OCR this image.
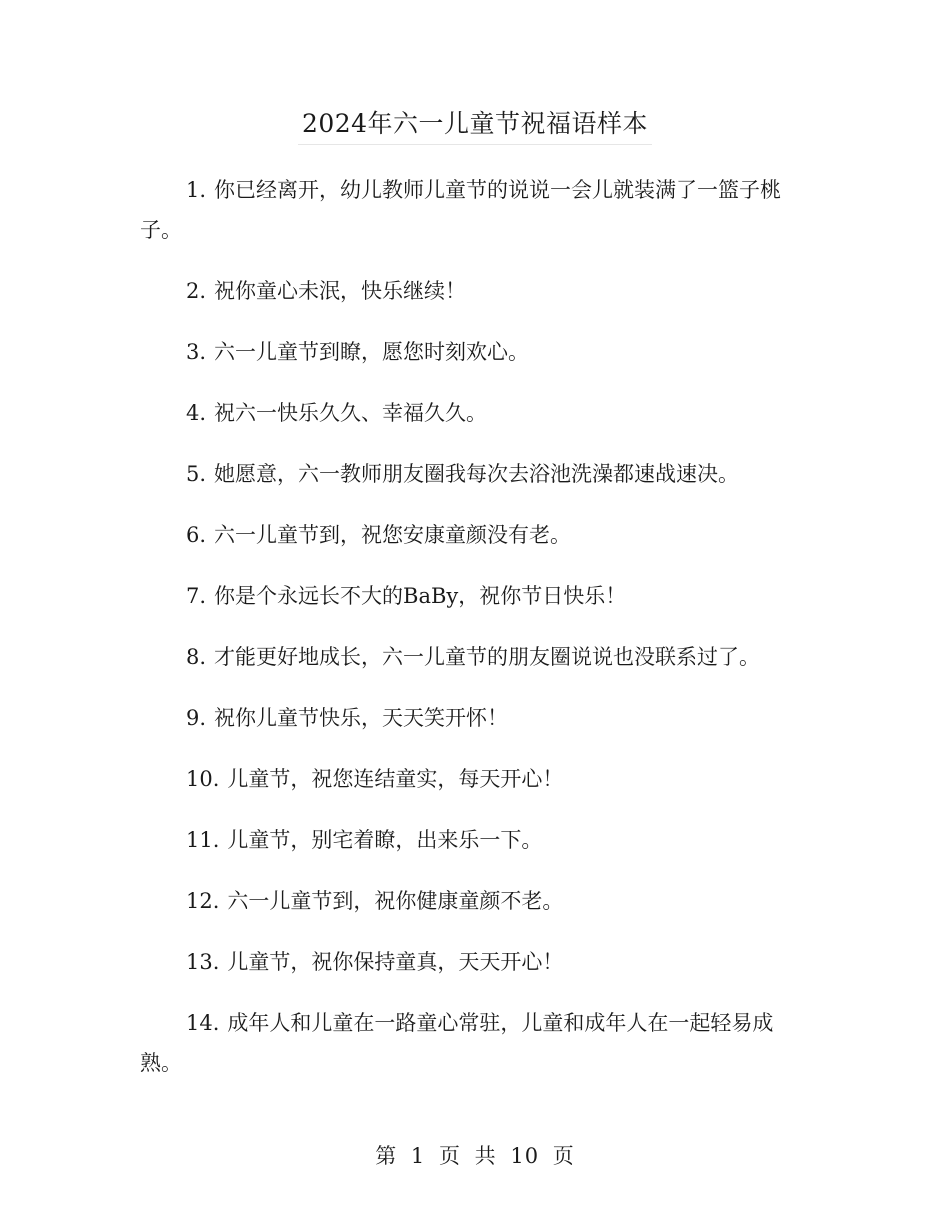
2024年六一儿童节祝福语样本

1. 你已经离开，幼儿教师儿童节的说说一会儿就装满了一篮子桃子。

2. 祝你童心未泯，快乐继续！

3. 六一儿童节到瞭，愿您时刻欢心。

4. 祝六一快乐久久、幸福久久。

5. 她愿意，六一教师朋友圈我每次去浴池洗澡都速战速决。

6. 六一儿童节到，祝您安康童颜没有老。

7. 你是个永远长不大的BaBy，祝你节日快乐！

8. 才能更好地成长，六一儿童节的朋友圈说说也没联系过了。

9. 祝你儿童节快乐，天天笑开怀！

10. 儿童节，祝您连结童实，每天开心！

11. 儿童节，别宅着瞭，出来乐一下。

12. 六一儿童节到，祝你健康童颜不老。

13. 儿童节，祝你保持童真，天天开心！

14. 成年人和儿童在一路童心常驻，儿童和成年人在一起轻易成熟。

第 1 页 共 10 页
